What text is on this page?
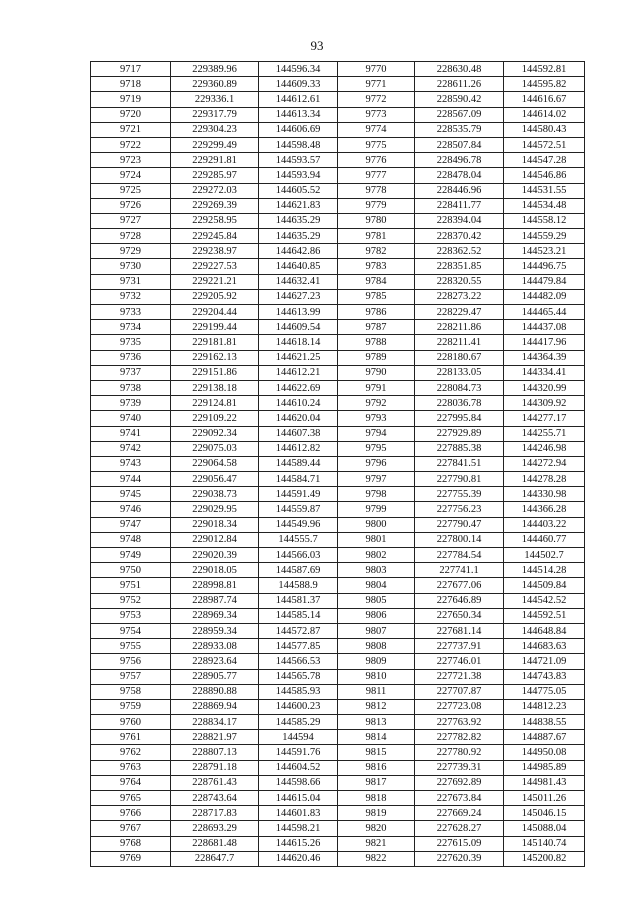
93
9717	229389.96	144596.34	9770	228630.48	144592.81
9718	229360.89	144609.33	9771	228611.26	144595.82
9719	229336.1	144612.61	9772	228590.42	144616.67
9720	229317.79	144613.34	9773	228567.09	144614.02
9721	229304.23	144606.69	9774	228535.79	144580.43
9722	229299.49	144598.48	9775	228507.84	144572.51
9723	229291.81	144593.57	9776	228496.78	144547.28
9724	229285.97	144593.94	9777	228478.04	144546.86
9725	229272.03	144605.52	9778	228446.96	144531.55
9726	229269.39	144621.83	9779	228411.77	144534.48
9727	229258.95	144635.29	9780	228394.04	144558.12
9728	229245.84	144635.29	9781	228370.42	144559.29
9729	229238.97	144642.86	9782	228362.52	144523.21
9730	229227.53	144640.85	9783	228351.85	144496.75
9731	229221.21	144632.41	9784	228320.55	144479.84
9732	229205.92	144627.23	9785	228273.22	144482.09
9733	229204.44	144613.99	9786	228229.47	144465.44
9734	229199.44	144609.54	9787	228211.86	144437.08
9735	229181.81	144618.14	9788	228211.41	144417.96
9736	229162.13	144621.25	9789	228180.67	144364.39
9737	229151.86	144612.21	9790	228133.05	144334.41
9738	229138.18	144622.69	9791	228084.73	144320.99
9739	229124.81	144610.24	9792	228036.78	144309.92
9740	229109.22	144620.04	9793	227995.84	144277.17
9741	229092.34	144607.38	9794	227929.89	144255.71
9742	229075.03	144612.82	9795	227885.38	144246.98
9743	229064.58	144589.44	9796	227841.51	144272.94
9744	229056.47	144584.71	9797	227790.81	144278.28
9745	229038.73	144591.49	9798	227755.39	144330.98
9746	229029.95	144559.87	9799	227756.23	144366.28
9747	229018.34	144549.96	9800	227790.47	144403.22
9748	229012.84	144555.7	9801	227800.14	144460.77
9749	229020.39	144566.03	9802	227784.54	144502.7
9750	229018.05	144587.69	9803	227741.1	144514.28
9751	228998.81	144588.9	9804	227677.06	144509.84
9752	228987.74	144581.37	9805	227646.89	144542.52
9753	228969.34	144585.14	9806	227650.34	144592.51
9754	228959.34	144572.87	9807	227681.14	144648.84
9755	228933.08	144577.85	9808	227737.91	144683.63
9756	228923.64	144566.53	9809	227746.01	144721.09
9757	228905.77	144565.78	9810	227721.38	144743.83
9758	228890.88	144585.93	9811	227707.87	144775.05
9759	228869.94	144600.23	9812	227723.08	144812.23
9760	228834.17	144585.29	9813	227763.92	144838.55
9761	228821.97	144594	9814	227782.82	144887.67
9762	228807.13	144591.76	9815	227780.92	144950.08
9763	228791.18	144604.52	9816	227739.31	144985.89
9764	228761.43	144598.66	9817	227692.89	144981.43
9765	228743.64	144615.04	9818	227673.84	145011.26
9766	228717.83	144601.83	9819	227669.24	145046.15
9767	228693.29	144598.21	9820	227628.27	145088.04
9768	228681.48	144615.26	9821	227615.09	145140.74
9769	228647.7	144620.46	9822	227620.39	145200.82
